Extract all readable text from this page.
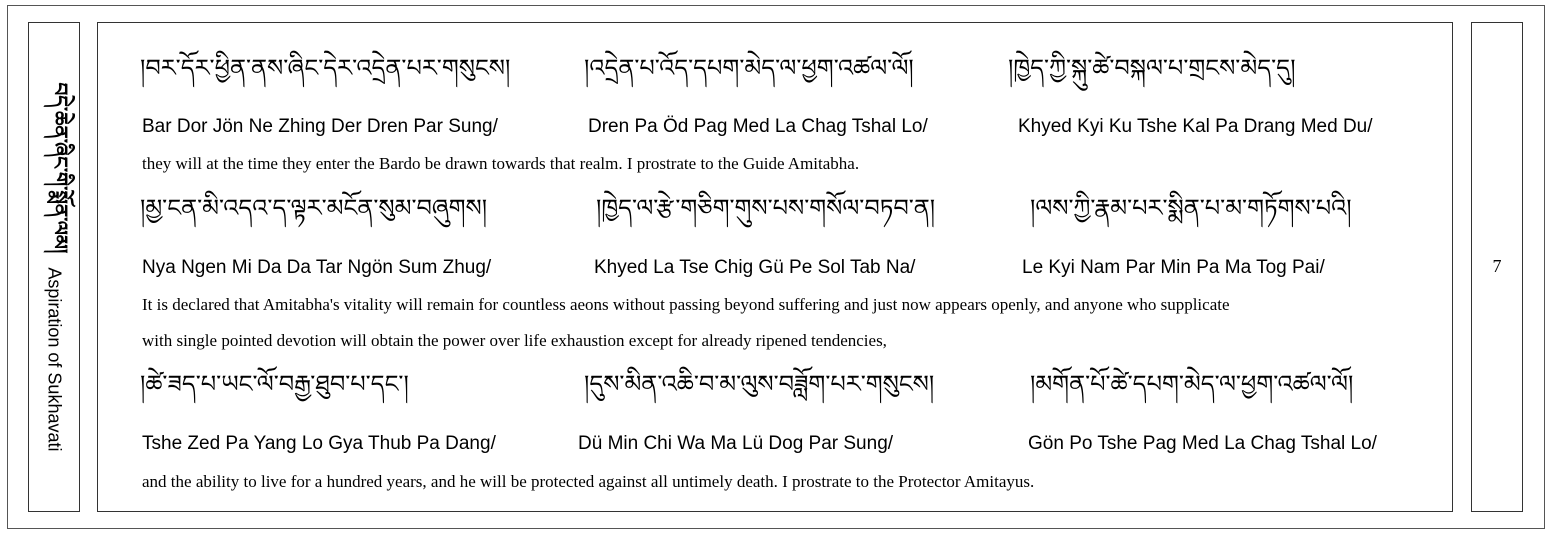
བདེ་ཆེན་ཞིང་གི་སྨོན་ལམ།
Aspiration of Sukhavati
7
།བར་དོར་ཕྱིན་ནས་ཞིང་དེར་འདྲེན་པར་གསུངས།	།འདྲེན་པ་འོད་དཔག་མེད་ལ་ཕྱག་འཚལ་ལོ།	།ཁྱེད་ཀྱི་སྐུ་ཚེ་བསྐལ་པ་གྲངས་མེད་དུ།
Bar Dor Jön Ne Zhing Der Dren Par Sung/	Dren Pa Öd Pag Med La Chag Tshal Lo/	Khyed Kyi Ku Tshe Kal Pa Drang Med Du/
they will at the time they enter the Bardo be drawn towards that realm. I prostrate to the Guide Amitabha.
།མྱ་ངན་མི་འདའ་ད་ལྟར་མངོན་སུམ་བཞུགས།	།ཁྱེད་ལ་རྩེ་གཅིག་གུས་པས་གསོལ་བཏབ་ན།	།ལས་ཀྱི་རྣམ་པར་སྨིན་པ་མ་གཏོགས་པའི།
Nya Ngen Mi Da Da Tar Ngön Sum Zhug/	Khyed La Tse Chig Gü Pe Sol Tab Na/	Le Kyi Nam Par Min Pa Ma Tog Pai/
It is declared that Amitabha's vitality will remain for countless aeons without passing beyond suffering and just now appears openly, and anyone who supplicate
with single pointed devotion will obtain the power over life exhaustion except for already ripened tendencies,
།ཚེ་ཟད་པ་ཡང་ལོ་བརྒྱ་ཐུབ་པ་དང་།	།དུས་མིན་འཆི་བ་མ་ལུས་བཟློག་པར་གསུངས།	།མགོན་པོ་ཚེ་དཔག་མེད་ལ་ཕྱག་འཚལ་ལོ།
Tshe Zed Pa Yang Lo Gya Thub Pa Dang/	Dü Min Chi Wa Ma Lü Dog Par Sung/	Gön Po Tshe Pag Med La Chag Tshal Lo/
and the ability to live for a hundred years, and he will be protected against all untimely death. I prostrate to the Protector Amitayus.
